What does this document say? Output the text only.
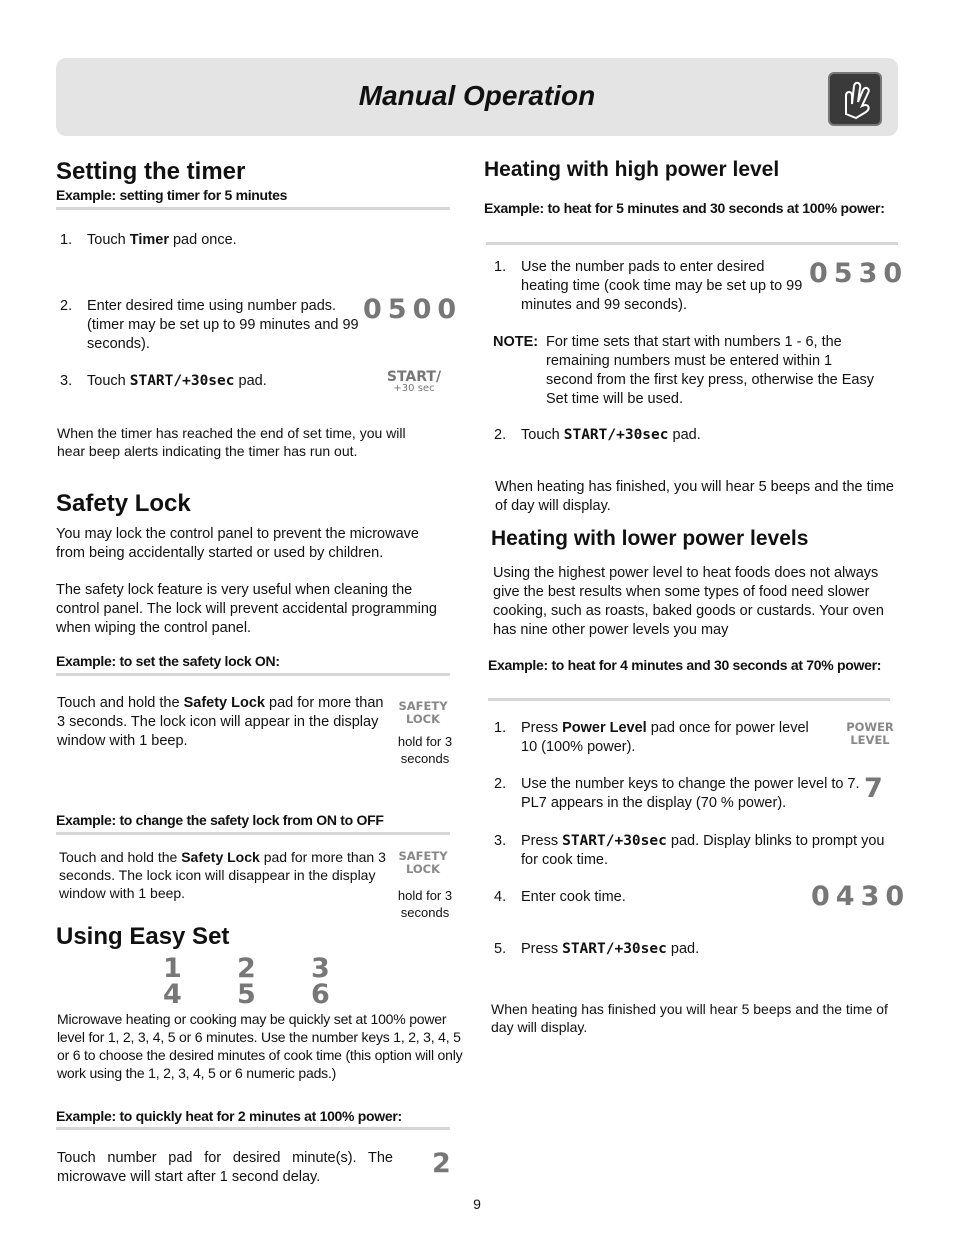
Manual Operation
Setting the timer
Example: setting timer for 5 minutes
1. Touch Timer pad once.
2. Enter desired time using number pads. (timer may be set up to 99 minutes and 99 seconds).
0500
3. Touch START/+30sec pad.	START/
+30 sec
When the timer has reached the end of set time, you will hear beep alerts indicating the timer has run out.
Safety Lock
You may lock the control panel to prevent the microwave from being accidentally started or used by children.
The safety lock feature is very useful when cleaning the control panel. The lock will prevent accidental programming when wiping the control panel.
Example: to set the safety lock ON:
Touch and hold the Safety Lock pad for more than 3 seconds. The lock icon will appear in the display window with 1 beep.
SAFETY
LOCK
hold for 3 seconds
Example: to change the safety lock from ON to OFF
Touch and hold the Safety Lock pad for more than 3 seconds. The lock icon will disappear in the display window with 1 beep.
SAFETY
LOCK
hold for 3 seconds
Using Easy Set
1 2 3
4 5 6
Microwave heating or cooking may be quickly set at 100% power level for 1, 2, 3, 4, 5 or 6 minutes. Use the number keys 1, 2, 3, 4, 5 or 6 to choose the desired minutes of cook time (this option will only work using the 1, 2, 3, 4, 5 or 6 numeric pads.)
Example: to quickly heat for 2 minutes at 100% power:
Touch number pad for desired minute(s). The microwave will start after 1 second delay.	2
Heating with high power level
Example: to heat for 5 minutes and 30 seconds at 100% power:
1. Use the number pads to enter desired heating time (cook time may be set up to 99 minutes and 99 seconds).
0530
NOTE: For time sets that start with numbers 1 - 6, the remaining numbers must be entered within 1 second from the first key press, otherwise the Easy Set time will be used.
2. Touch START/+30sec pad.
When heating has finished, you will hear 5 beeps and the time of day will display.
Heating with lower power levels
Using the highest power level to heat foods does not always give the best results when some types of food need slower cooking, such as roasts, baked goods or custards. Your oven has nine other power levels you may
Example: to heat for 4 minutes and 30 seconds at 70% power:
1. Press Power Level pad once for power level 10 (100% power).
POWER
LEVEL
2. Use the number keys to change the power level to 7. PL7 appears in the display (70 % power).	7
3. Press START/+30sec pad. Display blinks to prompt you for cook time.
4. Enter cook time.	0430
5. Press START/+30sec pad.
When heating has finished you will hear 5 beeps and the time of day will display.
9
